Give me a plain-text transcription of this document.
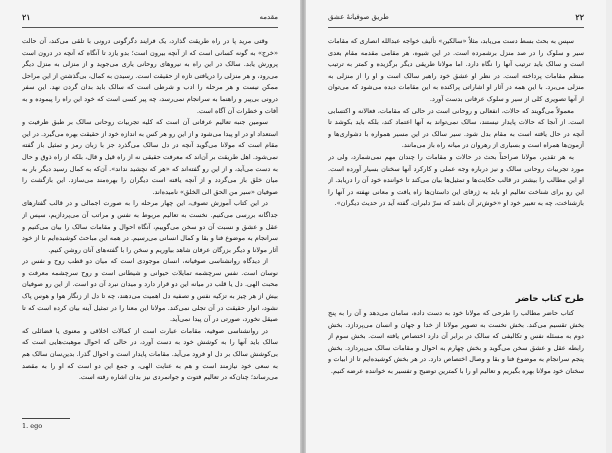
۲۱	مقدمه

وقتی مرید پا در راه طریقت گذارد، یک فرایند دگرگونی درونی با تلقی می‌کند، آن حالت «خرج» به گونه کسانی است که از آنچه بیرون است؛ بدو یازد تا آنگاه که آنچه در درون است پرورش یابد. سالک در این راه به نیروهای روحانی یاری می‌جوید و از منزلی به منزل دیگر می‌رود، و هر منزلی را دریافتی تازه از حقیقت است. رسیدن به کمال، بی‌گذشتن از این مراحل ممکن نیست و هر مرحله را ادب و شرطی است که سالک باید بدان گردن نهد. این سفر درونی بی‌پیر و راهنما به سرانجام نمی‌رسد، چه پیر کسی است که خود این راه را پیموده و به آفات و خطرات آن آگاه است.

سومین جنبه تعالیم عرفانی آن است که کلیه تجربیات روحانی سالک بر طبق ظرفیت و استعداد او در او پیدا می‌شود و از این رو هر کس به اندازه خود از حقیقت بهره می‌گیرد. در این مقام است که مولانا می‌گوید آنچه در دل سالک می‌گذرد جز با زبان رمز و تمثیل باز گفته نمی‌شود. اهل طریقت بر آن‌اند که معرفت حقیقی نه از راه قیل و قال، بلکه از راه ذوق و حال به دست می‌آید، و از این رو گفته‌اند که «هر که نچشید نداند». آن‌که به کمال رسید دیگر بار به میان خلق باز می‌گردد و از آنچه یافته است دیگران را بهره‌مند می‌سازد. این بازگشت را صوفیان «سیر من الحق الی الخلق» نامیده‌اند.

در این کتاب آموزش تصوف، این چهار مرحله را به صورت اجمالی و در قالب گفتارهای جداگانه بررسی می‌کنیم. نخست به تعالیم مربوط به نفس و مراتب آن می‌پردازیم، سپس از عقل و عشق و نسبت آن دو سخن می‌گوییم، آنگاه احوال و مقامات سالک را بیان می‌کنیم و سرانجام به موضوع فنا و بقا و کمال انسانی می‌رسیم. در همه این مباحث کوشیده‌ایم تا از خود آثار مولانا و دیگر بزرگان عرفان شاهد بیاوریم و سخن را با گفته‌های آنان روشن کنیم.

از دیدگاه روانشناسی صوفیانه، انسان موجودی است که میان دو قطب روح و نفس در نوسان است. نفس سرچشمه تمایلات حیوانی و شیطانی است و روح سرچشمه معرفت و محبت الهی. دل یا قلب در میانه این دو قرار دارد و میدان نبرد آن دو است. از این رو صوفیان بیش از هر چیز به تزکیه نفس و تصفیه دل اهمیت می‌دهند، چه تا دل از زنگار هوا و هوس پاک نشود، انوار حقیقت در آن تجلی نمی‌کند. مولانا این معنا را در تمثیل آینه بیان کرده است که تا صیقل نخورد، صورتی در آن پیدا نمی‌آید.

در روانشناسی صوفیه، مقامات عبارت است از کمالات اخلاقی و معنوی یا فضائلی که سالک باید آنها را به کوشش خود به دست آورد، در حالی که احوال موهبت‌هایی است که بی‌کوشش سالک بر دل او فرود می‌آید. مقامات پایدار است و احوال گذرا. بدین‌سان سالک هم به سعی خود نیازمند است و هم به عنایت الهی، و جمع این دو است که او را به مقصد می‌رساند؛ چنان‌که در تعالیم فتوت و جوانمردی نیز بدان اشاره رفته است.

1. ego
طریق صوفیانهٔ عشق	۲۲

سپس به بحث بسط دست می‌یابد، مثلاً «سالکین» تألیف خواجه عبدالله انصاری که مقامات سیر و سلوک را در صد منزل برشمرده است. در این شیوه، هر مقامی مقدمه مقام بعدی است و سالک باید ترتیب آنها را نگاه دارد. اما مولانا طریقی دیگر برگزیده و کمتر به ترتیب منظم مقامات پرداخته است. در نظر او عشق خود راهبر سالک است و او را از منزلی به منزلی می‌برد. با این همه در آثار او اشاراتی پراکنده به این مقامات دیده می‌شود که می‌توان از آنها تصویری کلی از سیر و سلوک عرفانی بدست آورد.

معمولاً می‌گویند که حالات، انفعالی و روحانی است در حالی که مقامات، فعالانه و اکتسابی است. از آنجا که حالات پایدار نیستند، سالک نمی‌تواند به آنها اعتماد کند، بلکه باید بکوشد تا آنچه در حال یافته است به مقام بدل شود. سیر سالک در این مسیر همواره با دشواری‌ها و آزمون‌ها همراه است و بسیاری از رهروان در میانه راه باز می‌مانند.

به هر تقدیر، مولانا صراحتاً بحث در حالات و مقامات را چندان مهم نمی‌شمارد، ولی در مورد تجربیات روحانی سالک و نیز درباره وجه عملی و کارکرد آنها سخنان بسیار آورده است. او این مطالب را بیشتر در قالب حکایت‌ها و تمثیل‌ها بیان می‌کند تا خواننده خود آن را دریابد. از این رو برای شناخت تعالیم او باید به ژرفای این داستان‌ها راه یافت و معانی نهفته در آنها را بازشناخت، چه به تعبیر خود او «خوش‌تر آن باشد که سرّ دلبران، گفته آید در حدیث دیگران».

طرح کتاب حاضر

کتاب حاضر مطالب را طرحی که مولانا خود به دست داده، سامان می‌دهد و آن را به پنج بخش تقسیم می‌کند. بخش نخست به تصویر مولانا از خدا و جهان و انسان می‌پردازد. بخش دوم به مسئله نفس و تکالیفی که سالک در برابر آن دارد اختصاص یافته است. بخش سوم از رابطه عقل و عشق سخن می‌گوید و بخش چهارم به احوال و مقامات سالک می‌پردازد. بخش پنجم سرانجام به موضوع فنا و بقا و وصال اختصاص دارد. در هر بخش کوشیده‌ایم تا از ابیات و سخنان خود مولانا بهره بگیریم و تعالیم او را با کمترین توضیح و تفسیر به خواننده عرضه کنیم.
